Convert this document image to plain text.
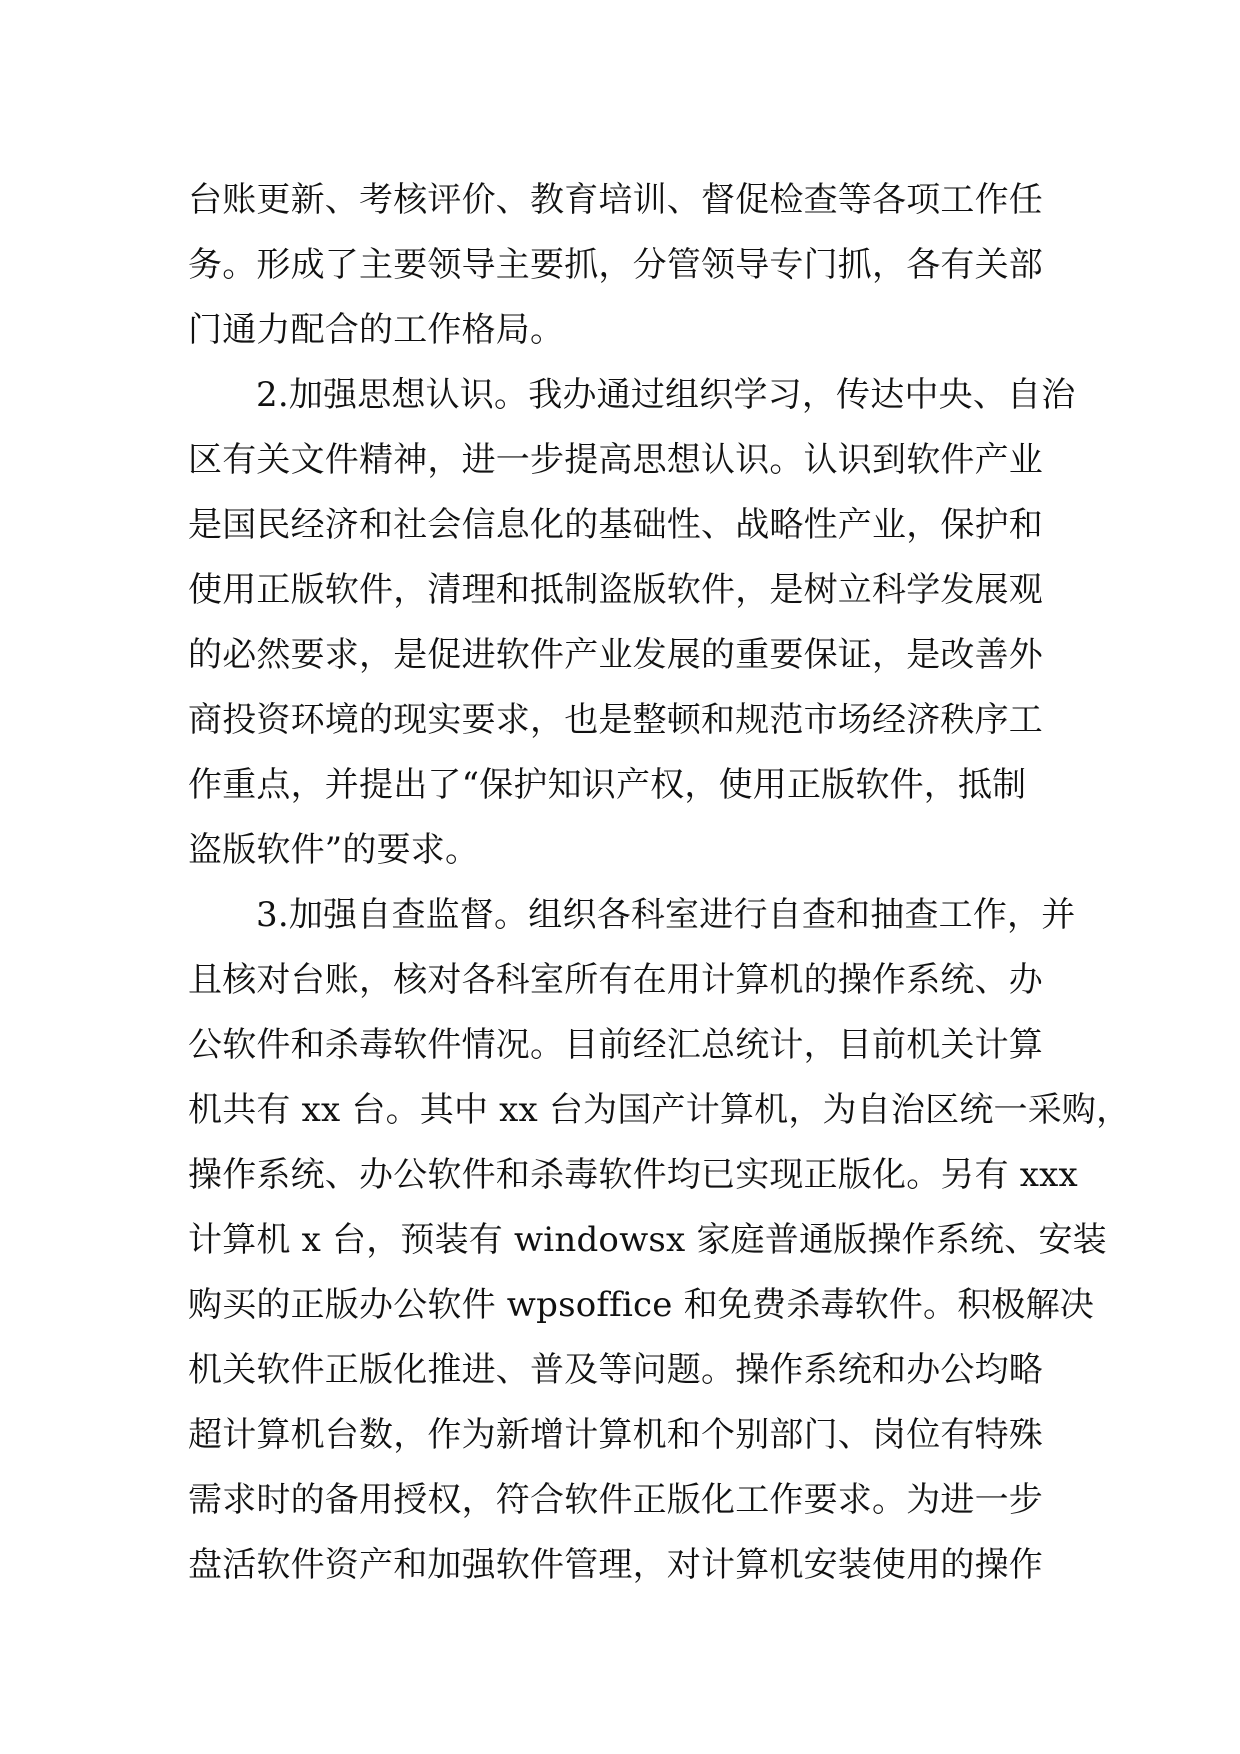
台账更新、考核评价、教育培训、督促检查等各项工作任
务。形成了主要领导主要抓，分管领导专门抓，各有关部
门通力配合的工作格局。
2.加强思想认识。我办通过组织学习，传达中央、自治
区有关文件精神，进一步提高思想认识。认识到软件产业
是国民经济和社会信息化的基础性、战略性产业，保护和
使用正版软件，清理和抵制盗版软件，是树立科学发展观
的必然要求，是促进软件产业发展的重要保证，是改善外
商投资环境的现实要求，也是整顿和规范市场经济秩序工
作重点，并提出了“保护知识产权，使用正版软件，抵制
盗版软件”的要求。
3.加强自查监督。组织各科室进行自查和抽查工作，并
且核对台账，核对各科室所有在用计算机的操作系统、办
公软件和杀毒软件情况。目前经汇总统计，目前机关计算
机共有 xx 台。其中 xx 台为国产计算机，为自治区统一采购，
操作系统、办公软件和杀毒软件均已实现正版化。另有 xxx
计算机 x 台，预装有 windowsx 家庭普通版操作系统、安装
购买的正版办公软件 wpsoffice 和免费杀毒软件。积极解决
机关软件正版化推进、普及等问题。操作系统和办公均略
超计算机台数，作为新增计算机和个别部门、岗位有特殊
需求时的备用授权，符合软件正版化工作要求。为进一步
盘活软件资产和加强软件管理，对计算机安装使用的操作
